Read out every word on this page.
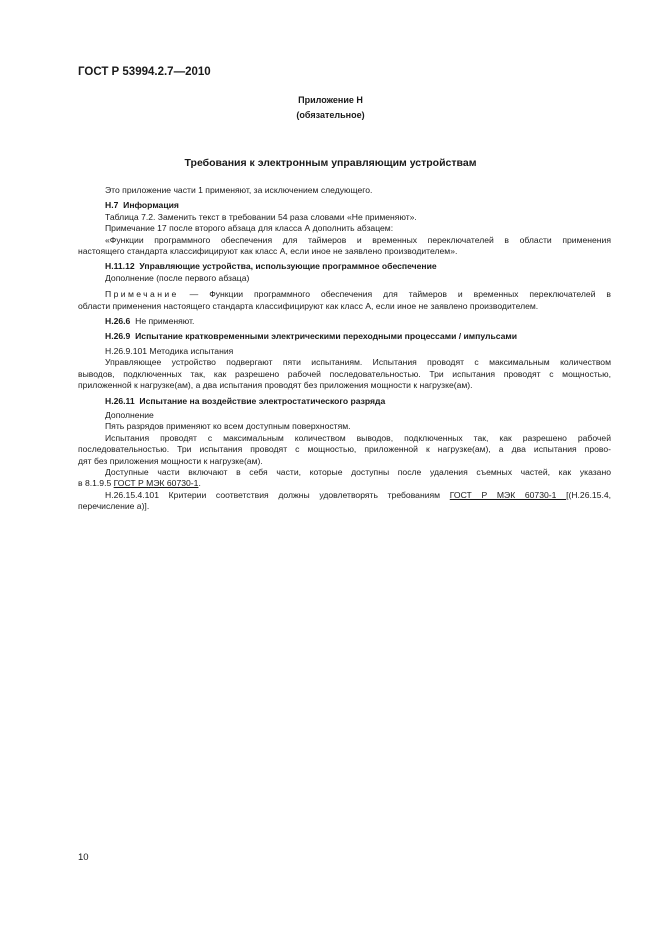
ГОСТ Р 53994.2.7—2010
Приложение Н
(обязательное)
Требования к электронным управляющим устройствам

Это приложение части 1 применяют, за исключением следующего.

Н.7 Информация

Таблица 7.2. Заменить текст в требовании 54 раза словами «Не применяют».

Примечание 17 после второго абзаца для класса А дополнить абзацем:

«Функции программного обеспечения для таймеров и временных переключателей в области применения

настоящего стандарта классифицируют как класс А, если иное не заявлено производителем».

Н.11.12 Управляющие устройства, использующие программное обеспечение

Дополнение (после первого абзаца)

Примечание — Функции программного обеспечения для таймеров и временных переключателей в

области применения настоящего стандарта классифицируют как класс А, если иное не заявлено производителем.

Н.26.6 Не применяют.

Н.26.9 Испытание кратковременными электрическими переходными процессами / импульсами

Н.26.9.101 Методика испытания

Управляющее устройство подвергают пяти испытаниям. Испытания проводят с максимальным количеством

выводов, подключенных так, как разрешено рабочей последовательностью. Три испытания проводят с мощностью,

приложенной к нагрузке(ам), а два испытания проводят без приложения мощности к нагрузке(ам).

Н.26.11 Испытание на воздействие электростатического разряда

Дополнение

Пять разрядов применяют ко всем доступным поверхностям.

Испытания проводят с максимальным количеством выводов, подключенных так, как разрешено рабочей

последовательностью. Три испытания проводят с мощностью, приложенной к нагрузке(ам), а два испытания прово-

дят без приложения мощности к нагрузке(ам).

Доступные части включают в себя части, которые доступны после удаления съемных частей, как указано

в 8.1.9.5 ГОСТ Р МЭК 60730-1.

Н.26.15.4.101 Критерии соответствия должны удовлетворять требованиям ГОСТ Р МЭК 60730-1 [(Н.26.15.4,

перечисление а)].

10
